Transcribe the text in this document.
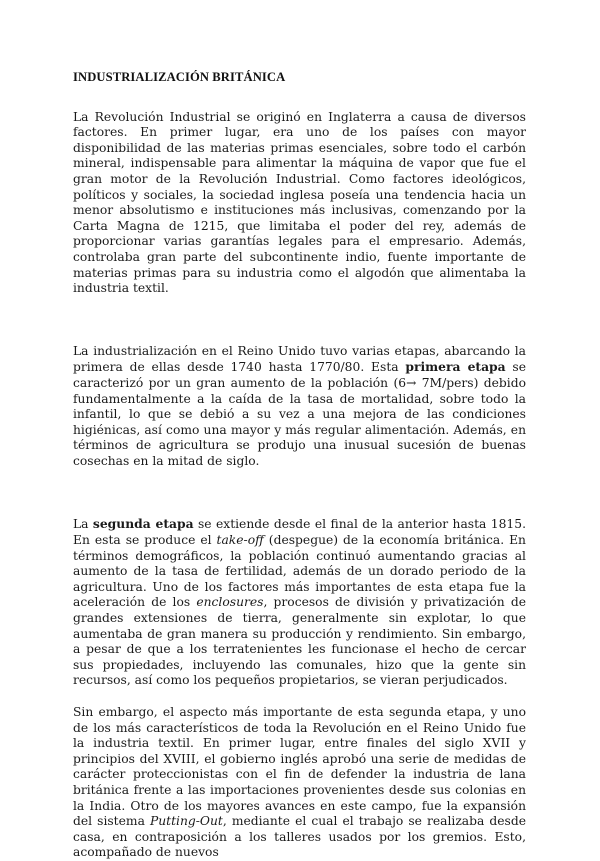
INDUSTRIALIZACIÓN BRITÁNICA

La Revolución Industrial se originó en Inglaterra a causa de diversos factores. En primer lugar, era uno de los países con mayor disponibilidad de las materias primas esenciales, sobre todo el carbón mineral, indispensable para alimentar la máquina de vapor que fue el gran motor de la Revolución Industrial. Como factores ideológicos, políticos y sociales, la sociedad inglesa poseía una tendencia hacia un menor absolutismo e instituciones más inclusivas, comenzando por la Carta Magna de 1215, que limitaba el poder del rey, además de proporcionar varias garantías legales para el empresario. Además, controlaba gran parte del subcontinente indio, fuente importante de materias primas para su industria como el algodón que alimentaba la industria textil.

La industrialización en el Reino Unido tuvo varias etapas, abarcando la primera de ellas desde 1740 hasta 1770/80. Esta primera etapa se caracterizó por un gran aumento de la población (6→ 7M/pers) debido fundamentalmente a la caída de la tasa de mortalidad, sobre todo la infantil, lo que se debió a su vez a una mejora de las condiciones higiénicas, así como una mayor y más regular alimentación. Además, en términos de agricultura se produjo una inusual sucesión de buenas cosechas en la mitad de siglo.

La segunda etapa se extiende desde el final de la anterior hasta 1815. En esta se produce el take-off (despegue) de la economía británica. En términos demográficos, la población continuó aumentando gracias al aumento de la tasa de fertilidad, además de un dorado periodo de la agricultura. Uno de los factores más importantes de esta etapa fue la aceleración de los enclosures, procesos de división y privatización de grandes extensiones de tierra, generalmente sin explotar, lo que aumentaba de gran manera su producción y rendimiento. Sin embargo, a pesar de que a los terratenientes les funcionase el hecho de cercar sus propiedades, incluyendo las comunales, hizo que la gente sin recursos, así como los pequeños propietarios, se vieran perjudicados.

Sin embargo, el aspecto más importante de esta segunda etapa, y uno de los más característicos de toda la Revolución en el Reino Unido fue la industria textil. En primer lugar, entre finales del siglo XVII y principios del XVIII, el gobierno inglés aprobó una serie de medidas de carácter proteccionistas con el fin de defender la industria de lana británica frente a las importaciones provenientes desde sus colonias en la India. Otro de los mayores avances en este campo, fue la expansión del sistema Putting-Out, mediante el cual el trabajo se realizaba desde casa, en contraposición a los talleres usados por los gremios. Esto, acompañado de nuevos
